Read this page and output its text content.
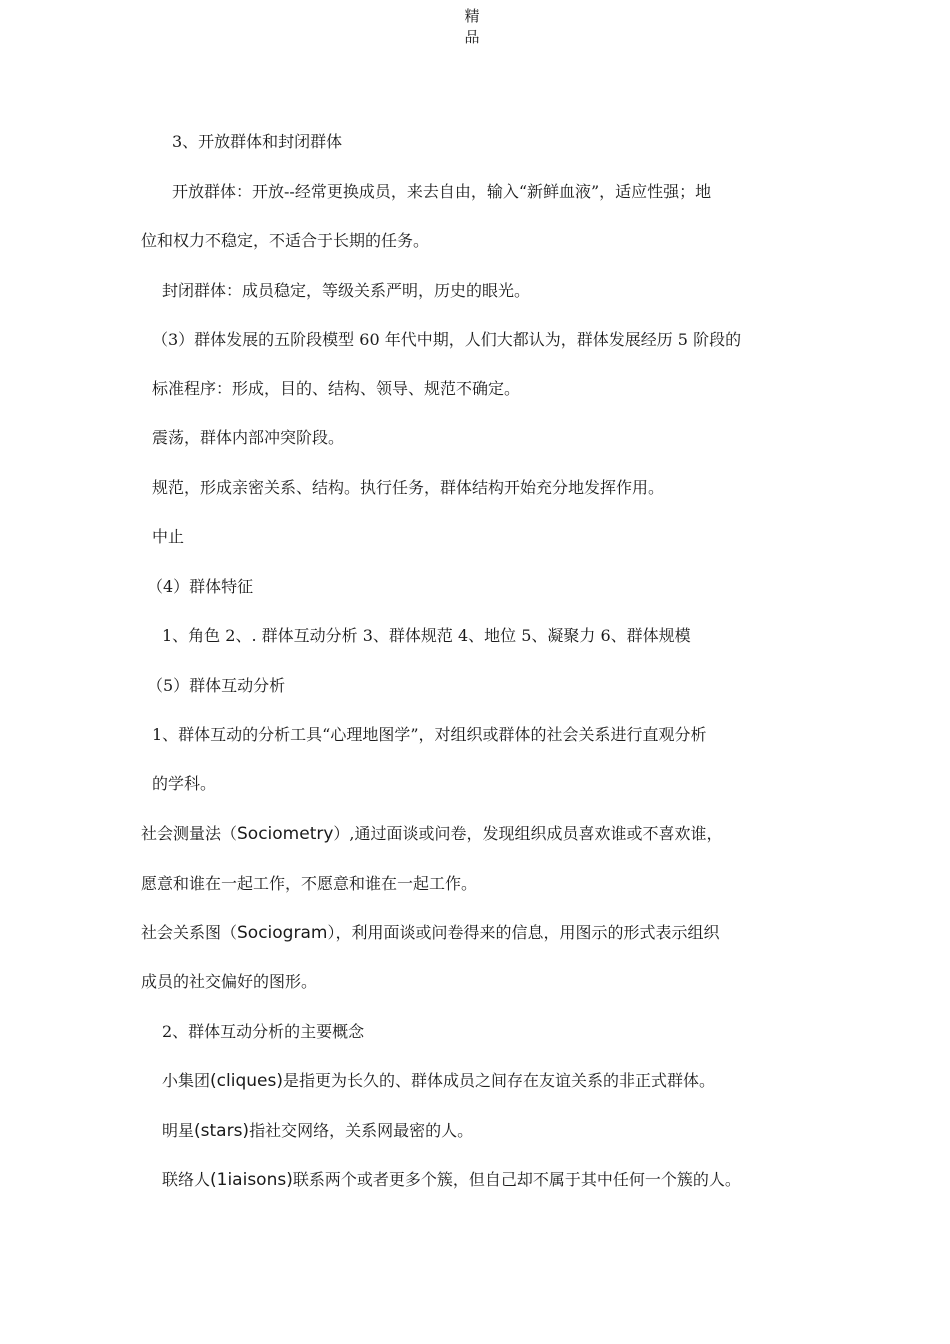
精
品
3、开放群体和封闭群体
开放群体：开放--经常更换成员，来去自由，输入“新鲜血液”，适应性强；地
位和权力不稳定，不适合于长期的任务。
封闭群体：成员稳定，等级关系严明，历史的眼光。
（3）群体发展的五阶段模型 60 年代中期，人们大都认为，群体发展经历 5 阶段的
标准程序：形成，目的、结构、领导、规范不确定。
震荡，群体内部冲突阶段。
规范，形成亲密关系、结构。执行任务，群体结构开始充分地发挥作用。
中止
（4）群体特征
1、角色 2、. 群体互动分析 3、群体规范 4、地位 5、凝聚力 6、群体规模
（5）群体互动分析
1、群体互动的分析工具“心理地图学”，对组织或群体的社会关系进行直观分析
的学科。
社会测量法（Sociometry）,通过面谈或问卷，发现组织成员喜欢谁或不喜欢谁，
愿意和谁在一起工作，不愿意和谁在一起工作。
社会关系图（Sociogram），利用面谈或问卷得来的信息，用图示的形式表示组织
成员的社交偏好的图形。
2、群体互动分析的主要概念
小集团(cliques)是指更为长久的、群体成员之间存在友谊关系的非正式群体。
明星(stars)指社交网络，关系网最密的人。
联络人(1iaisons)联系两个或者更多个簇，但自己却不属于其中任何一个簇的人。
